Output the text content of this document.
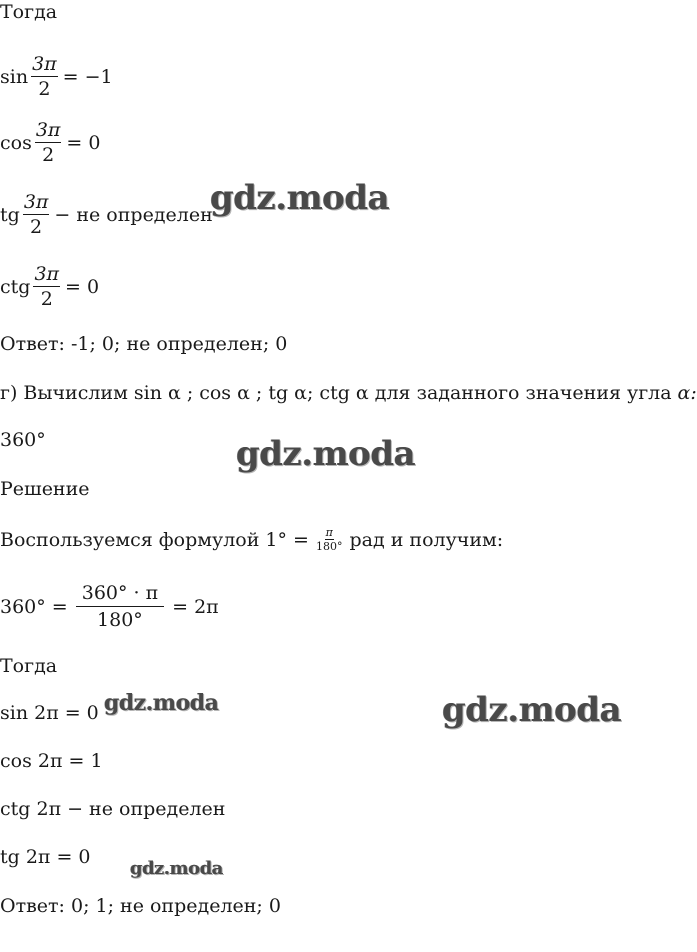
Тогда
$\sin \frac{3\pi}{2} = -1$
$\cos \frac{3\pi}{2} = 0$
tg $\frac{3\pi}{2}$ − не определен
ctg $\frac{3\pi}{2} = 0$
Ответ: -1; 0; не определен; 0
г) Вычислим sin α ; cos α ; tg α; ctg α для заданного значения угла α:
360°
Решение
Воспользуемся формулой $1^\circ = \frac{\pi}{180^\circ}$ рад и получим:
$360^\circ = \frac{360^\circ \cdot \pi}{180^\circ} = 2\pi$
Тогда
sin 2π = 0
cos 2π = 1
ctg 2π − не определен
tg 2π = 0
Ответ: 0; 1; не определен; 0
gdz.moda
gdz.moda
gdz.moda
gdz.moda
gdz.moda
